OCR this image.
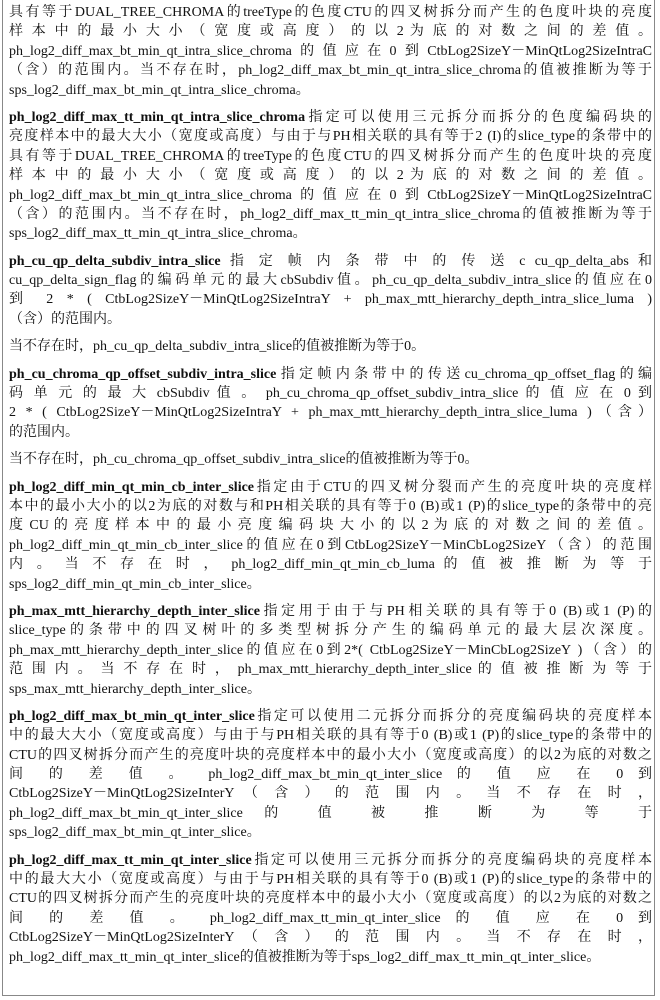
具有等于DUAL_TREE_CHROMA的treeType的色度CTU的四叉树拆分而产生的色度叶块的亮度
样 本 中 的 最 小 大 小 （ 宽 度 或 高 度 ） 的 以 2 为 底 的 对 数 之 间 的 差 值 。
ph_log2_diff_max_bt_min_qt_intra_slice_chroma的值应在0到CtbLog2SizeY－MinQtLog2SizeIntraC
（含）的范围内。当不存在时，ph_log2_diff_max_bt_min_qt_intra_slice_chroma的值被推断为等于
sps_log2_diff_max_bt_min_qt_intra_slice_chroma。
ph_log2_diff_max_tt_min_qt_intra_slice_chroma指定可以使用三元拆分而拆分的色度编码块的
亮度样本中的最大大小（宽度或高度）与由于与PH相关联的具有等于2 (I)的slice_type的条带中的
具有等于DUAL_TREE_CHROMA的treeType的色度CTU的四叉树拆分而产生的色度叶块的亮度
样 本 中 的 最 小 大 小 （ 宽 度 或 高 度 ） 的 以 2 为 底 的 对 数 之 间 的 差 值 。
ph_log2_diff_max_bt_min_qt_intra_slice_chroma的值应在0到CtbLog2SizeY－MinQtLog2SizeIntraC
（含）的范围内。当不存在时，ph_log2_diff_max_tt_min_qt_intra_slice_chroma的值被推断为等于
sps_log2_diff_max_tt_min_qt_intra_slice_chroma。
ph_cu_qp_delta_subdiv_intra_slice 指 定 帧 内 条 带 中 的 传 送 c cu_qp_delta_abs 和
cu_qp_delta_sign_flag的编码单元的最大cbSubdiv值。ph_cu_qp_delta_subdiv_intra_slice的值应在0
到 2 * ( CtbLog2SizeY－MinQtLog2SizeIntraY + ph_max_mtt_hierarchy_depth_intra_slice_luma )
（含）的范围内。
当不存在时，ph_cu_qp_delta_subdiv_intra_slice的值被推断为等于0。
ph_cu_chroma_qp_offset_subdiv_intra_slice指定帧内条带中的传送cu_chroma_qp_offset_flag的编
码 单 元 的 最 大 cbSubdiv 值 。 ph_cu_chroma_qp_offset_subdiv_intra_slice 的 值 应 在 0 到
2 * ( CtbLog2SizeY－MinQtLog2SizeIntraY + ph_max_mtt_hierarchy_depth_intra_slice_luma )（含）
的范围内。
当不存在时，ph_cu_chroma_qp_offset_subdiv_intra_slice的值被推断为等于0。
ph_log2_diff_min_qt_min_cb_inter_slice指定由于CTU的四叉树分裂而产生的亮度叶块的亮度样
本中的最小大小的以2为底的对数与和PH相关联的具有等于0 (B)或1 (P)的slice_type的条带中的亮
度 CU 的 亮 度 样 本 中 的 最 小 亮 度 编 码 块 大 小 的 以 2 为 底 的 对 数 之 间 的 差 值 。
ph_log2_diff_min_qt_min_cb_inter_slice的值应在0到CtbLog2SizeY－MinCbLog2SizeY（含）的范围
内 。 当 不 存 在 时 ， ph_log2_diff_min_qt_min_cb_luma 的 值 被 推 断 为 等 于
sps_log2_diff_min_qt_min_cb_inter_slice。
ph_max_mtt_hierarchy_depth_inter_slice指定用于由于与PH相关联的具有等于0 (B)或1 (P)的
slice_type 的 条 带 中 的 四 叉 树 叶 的 多 类 型 树 拆 分 产 生 的 编 码 单 元 的 最 大 层 次 深 度 。
ph_max_mtt_hierarchy_depth_inter_slice的值应在0到2*( CtbLog2SizeY－MinCbLog2SizeY )（含）的
范 围 内 。 当 不 存 在 时 ， ph_max_mtt_hierarchy_depth_inter_slice 的 值 被 推 断 为 等 于
sps_max_mtt_hierarchy_depth_inter_slice。
ph_log2_diff_max_bt_min_qt_inter_slice指定可以使用二元拆分而拆分的亮度编码块的亮度样本
中的最大大小（宽度或高度）与由于与PH相关联的具有等于0 (B)或1 (P)的slice_type的条带中的
CTU的四叉树拆分而产生的亮度叶块的亮度样本中的最小大小（宽度或高度）的以2为底的对数之
间 的 差 值 。 ph_log2_diff_max_bt_min_qt_inter_slice 的 值 应 在 0 到
CtbLog2SizeY－MinQtLog2SizeInterY （ 含 ） 的 范 围 内 。 当 不 存 在 时 ，
ph_log2_diff_max_bt_min_qt_inter_slice 的 值 被 推 断 为 等 于
sps_log2_diff_max_bt_min_qt_inter_slice。
ph_log2_diff_max_tt_min_qt_inter_slice指定可以使用三元拆分而拆分的亮度编码块的亮度样本
中的最大大小（宽度或高度）与由于与PH相关联的具有等于0 (B)或1 (P)的slice_type的条带中的
CTU的四叉树拆分而产生的亮度叶块的亮度样本中的最小大小（宽度或高度）的以2为底的对数之
间 的 差 值 。 ph_log2_diff_max_tt_min_qt_inter_slice 的 值 应 在 0 到
CtbLog2SizeY－MinQtLog2SizeInterY （ 含 ） 的 范 围 内 。 当 不 存 在 时 ，
ph_log2_diff_max_tt_min_qt_inter_slice的值被推断为等于sps_log2_diff_max_tt_min_qt_inter_slice。
